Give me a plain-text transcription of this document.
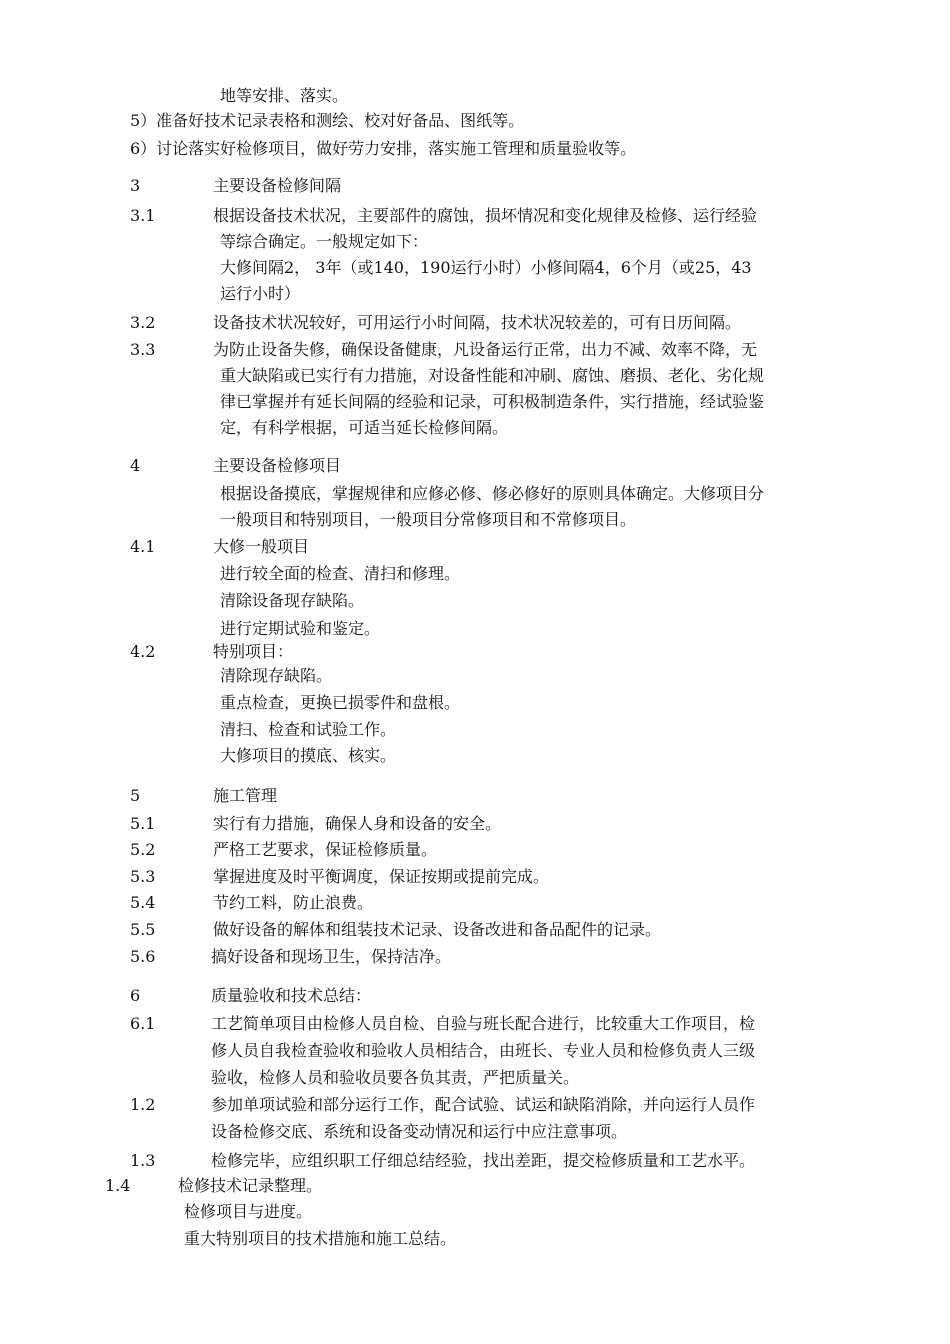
地等安排、落实。
5）准备好技术记录表格和测绘、校对好备品、图纸等。
6）讨论落实好检修项目，做好劳力安排，落实施工管理和质量验收等。
3	主要设备检修间隔
3.1	根据设备技术状况，主要部件的腐蚀，损坏情况和变化规律及检修、运行经验
等综合确定。一般规定如下：
大修间隔2， 3年（或140，190运行小时）小修间隔4，6个月（或25，43
运行小时）
3.2	设备技术状况较好，可用运行小时间隔，技术状况较差的，可有日历间隔。
3.3	为防止设备失修，确保设备健康，凡设备运行正常，出力不减、效率不降，无
重大缺陷或已实行有力措施，对设备性能和冲刷、腐蚀、磨损、老化、劣化规
律已掌握并有延长间隔的经验和记录，可积极制造条件，实行措施，经试验鉴
定，有科学根据，可适当延长检修间隔。
4	主要设备检修项目
根据设备摸底，掌握规律和应修必修、修必修好的原则具体确定。大修项目分
一般项目和特别项目，一般项目分常修项目和不常修项目。
4.1	大修一般项目
进行较全面的检查、清扫和修理。
清除设备现存缺陷。
进行定期试验和鉴定。
4.2	特别项目：
清除现存缺陷。
重点检查，更换已损零件和盘根。
清扫、检查和试验工作。
大修项目的摸底、核实。
5	施工管理
5.1	实行有力措施，确保人身和设备的安全。
5.2	严格工艺要求，保证检修质量。
5.3	掌握进度及时平衡调度，保证按期或提前完成。
5.4	节约工料，防止浪费。
5.5	做好设备的解体和组装技术记录、设备改进和备品配件的记录。
5.6	搞好设备和现场卫生，保持洁净。
6	质量验收和技术总结：
6.1	工艺简单项目由检修人员自检、自验与班长配合进行，比较重大工作项目，检
修人员自我检查验收和验收人员相结合，由班长、专业人员和检修负责人三级
验收，检修人员和验收员要各负其责，严把质量关。
1.2	参加单项试验和部分运行工作，配合试验、试运和缺陷消除，并向运行人员作
设备检修交底、系统和设备变动情况和运行中应注意事项。
1.3	检修完毕，应组织职工仔细总结经验，找出差距，提交检修质量和工艺水平。
1.4	检修技术记录整理。
检修项目与进度。
重大特别项目的技术措施和施工总结。
